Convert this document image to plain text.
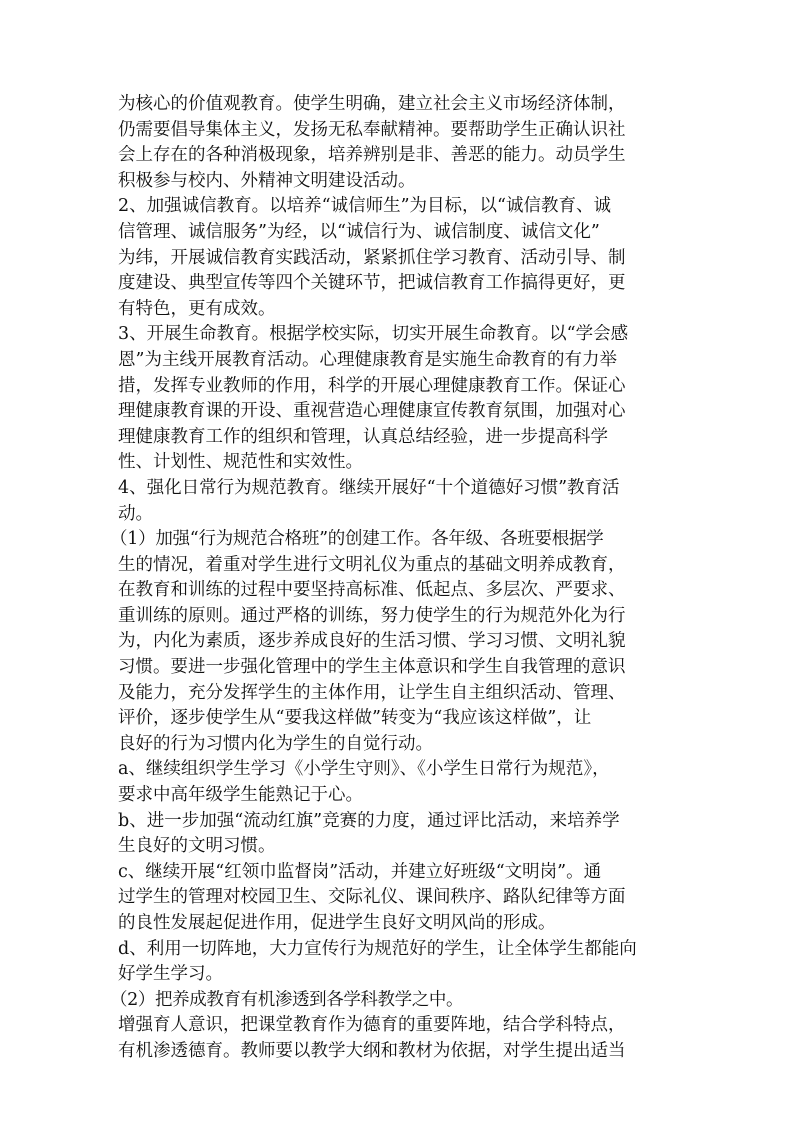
为核心的价值观教育。使学生明确，建立社会主义市场经济体制，
仍需要倡导集体主义，发扬无私奉献精神。要帮助学生正确认识社
会上存在的各种消极现象，培养辨别是非、善恶的能力。动员学生
积极参与校内、外精神文明建设活动。
2、加强诚信教育。以培养“诚信师生”为目标，以“诚信教育、诚
信管理、诚信服务”为经，以“诚信行为、诚信制度、诚信文化”
为纬，开展诚信教育实践活动，紧紧抓住学习教育、活动引导、制
度建设、典型宣传等四个关键环节，把诚信教育工作搞得更好，更
有特色，更有成效。
3、开展生命教育。根据学校实际，切实开展生命教育。以“学会感
恩”为主线开展教育活动。心理健康教育是实施生命教育的有力举
措，发挥专业教师的作用，科学的开展心理健康教育工作。保证心
理健康教育课的开设、重视营造心理健康宣传教育氛围，加强对心
理健康教育工作的组织和管理，认真总结经验，进一步提高科学
性、计划性、规范性和实效性。
4、强化日常行为规范教育。继续开展好“十个道德好习惯”教育活
动。
（1）加强“行为规范合格班”的创建工作。各年级、各班要根据学
生的情况，着重对学生进行文明礼仪为重点的基础文明养成教育，
在教育和训练的过程中要坚持高标准、低起点、多层次、严要求、
重训练的原则。通过严格的训练，努力使学生的行为规范外化为行
为，内化为素质，逐步养成良好的生活习惯、学习习惯、文明礼貌
习惯。要进一步强化管理中的学生主体意识和学生自我管理的意识
及能力，充分发挥学生的主体作用，让学生自主组织活动、管理、
评价，逐步使学生从“要我这样做”转变为“我应该这样做”，让
良好的行为习惯内化为学生的自觉行动。
a、继续组织学生学习《小学生守则》、《小学生日常行为规范》，
要求中高年级学生能熟记于心。
b、进一步加强“流动红旗”竞赛的力度，通过评比活动，来培养学
生良好的文明习惯。
c、继续开展“红领巾监督岗”活动，并建立好班级“文明岗”。通
过学生的管理对校园卫生、交际礼仪、课间秩序、路队纪律等方面
的良性发展起促进作用，促进学生良好文明风尚的形成。
d、利用一切阵地，大力宣传行为规范好的学生，让全体学生都能向
好学生学习。
（2）把养成教育有机渗透到各学科教学之中。
增强育人意识，把课堂教育作为德育的重要阵地，结合学科特点，
有机渗透德育。教师要以教学大纲和教材为依据，对学生提出适当
